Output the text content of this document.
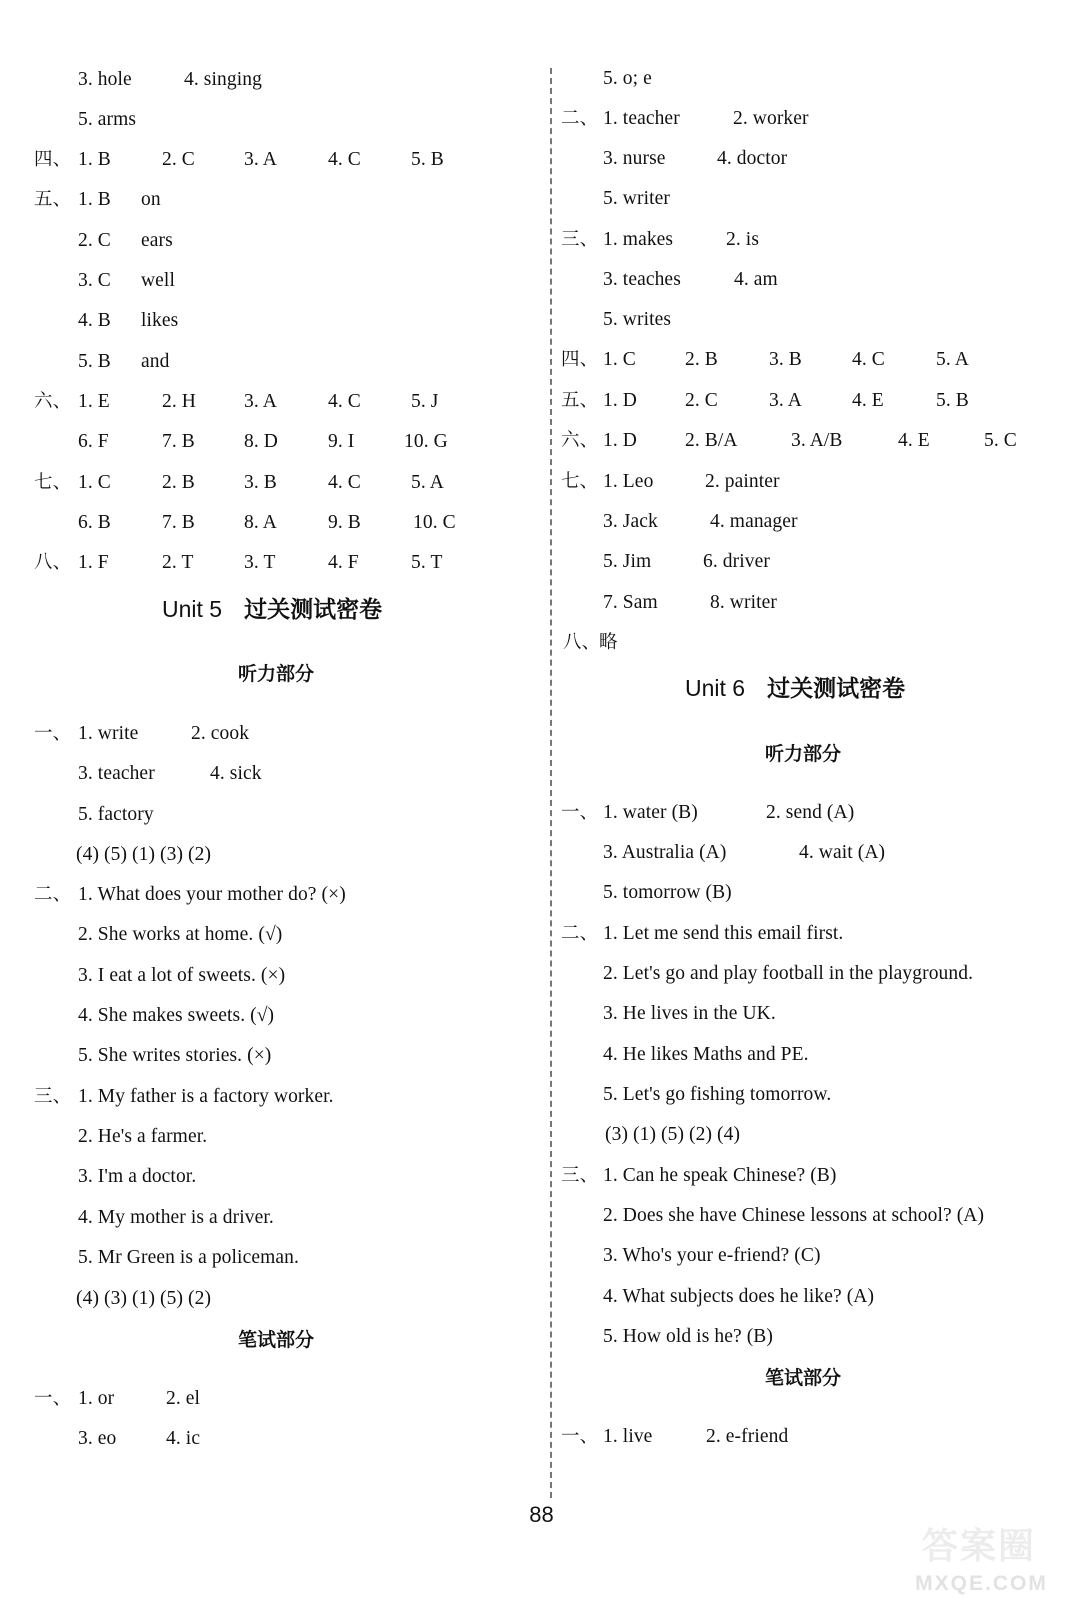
3. hole	4. singing
5. arms
四、 1. B	2. C	3. A	4. C	5. B
五、 1. B on
2. C ears
3. C well
4. B likes
5. B and
六、 1. E	2. H 3. A	4. C	5. J
6. F	7. B	8. D	9. I	10. G
七、 1. C	2. B	3. B	4. C	5. A
6. B	7. B	8. A	9. B	10. C
八、 1. F	2. T	3. T	4. F	5. T
一、 1. write	2. cook
3. teacher	4. sick
5. factory
(4) (5) (1) (3) (2)
二、 1. What does your mother do? (×)
2. She works at home. (√)
3. I eat a lot of sweets. (×)
4. She makes sweets. (√)
5. She writes stories. (×)
三、 1. My father is a factory worker.
2. He's a farmer.
3. I'm a doctor.
4. My mother is a driver.
5. Mr Green is a policeman.
(4) (3) (1) (5) (2)
一、 1. or	2. el
3. eo	4. ic
Unit 5 过关测试密卷
听力部分
笔试部分
5. o; e
二、 1. teacher	2. worker
3. nurse	4. doctor
5. writer
三、 1. makes	2. is
3. teaches	4. am
5. writes
四、 1. C	2. B	3. B	4. C	5. A
五、 1. D 2. C	3. A	4. E	5. B
六、 1. D 2. B/A	3. A/B	4. E	5. C
七、 1. Leo	2. painter
3. Jack	4. manager
5. Jim	6. driver
7. Sam	8. writer
八、
略
一、 1. water (B)	2. send (A)
3. Australia (A)	4. wait (A)
5. tomorrow (B)
二、 1. Let me send this email first.
2. Let's go and play football in the playground.
3. He lives in the UK.
4. He likes Maths and PE.
5. Let's go fishing tomorrow.
(3) (1) (5) (2) (4)
三、 1. Can he speak Chinese? (B)
2. Does she have Chinese lessons at school? (A)
3. Who's your e-friend? (C)
4. What subjects does he like? (A)
5. How old is he? (B)
一、 1. live	2. e-friend
Unit 6 过关测试密卷
听力部分
笔试部分
88
答案圈
MXQE.COM
